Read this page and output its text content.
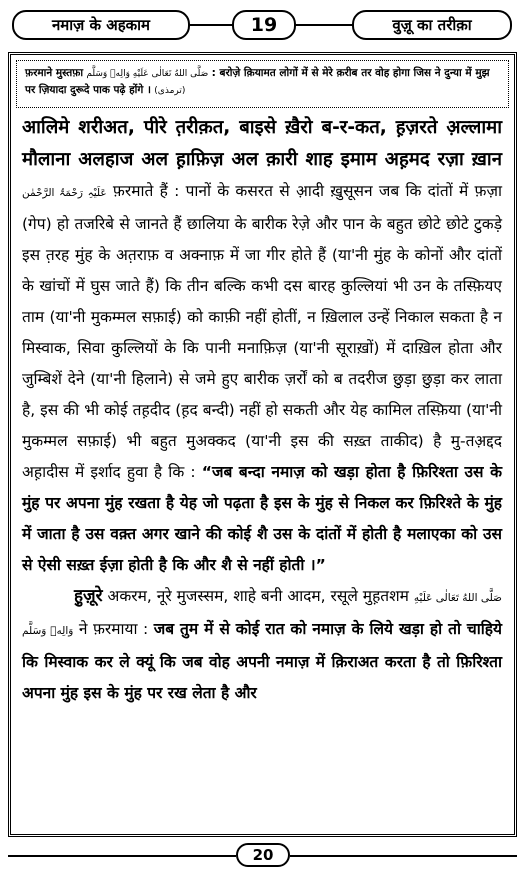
नमाज़ के अहकाम	19	वुज़ू का तरीक़ा
फ़रमाने मुस्तफ़ा صَلَّى اللهُ تَعَالٰى عَلَيْهِ وَالِهٖ وَسَلَّم : बरोज़े क़ियामत लोगों में से मेरे क़रीब तर वोह होगा जिस ने दुन्या में मुझ पर ज़ियादा दुरूदे पाक पढ़े होंगे । (ترمذی)

आलिमे शरीअत, पीरे त़रीक़त, बाइसे ख़ैरो ब-र-कत, ह़ज़रते अ़ल्लामा मौलाना अलहाज अल ह़ाफ़िज़ अल क़ारी शाह इमाम अह़मद रज़ा ख़ान عَلَیْہِ رَحْمَۃُ الرَّحْمٰن फ़रमाते हैं : पानों के कसरत से आ़दी ख़ुसूसन जब कि दांतों में फ़ज़ा (गेप) हो तजरिबे से जानते हैं छालिया के बारीक रेज़े और पान के बहुत छोटे छोटे टुकड़े इस त़रह मुंह के अत़राफ़ व अक्नाफ़ में जा गीर होते हैं (या'नी मुंह के कोनों और दांतों के खांचों में घुस जाते हैं) कि तीन बल्कि कभी दस बारह कुल्लियां भी उन के तस्फ़ियए ताम (या'नी मुकम्मल सफ़ाई) को काफ़ी नहीं होतीं, न ख़िलाल उन्हें निकाल सकता है न मिस्वाक, सिवा कुल्लियों के कि पानी मनाफ़िज़ (या'नी सूराख़ों) में दाख़िल होता और जुम्बिशें देने (या'नी हिलाने) से जमे हुए बारीक ज़र्रों को ब तदरीज छुड़ा छुड़ा कर लाता है, इस की भी कोई तह़दीद (ह़द बन्दी) नहीं हो सकती और येह कामिल तस्फ़िया (या'नी मुकम्मल सफ़ाई) भी बहुत मुअक्कद (या'नी इस की सख़्त ताकीद) है मु-तअ़द्दद अह़ादीस में इर्शाद हुवा है कि : “जब बन्दा नमाज़ को खड़ा होता है फ़िरिश्ता उस के मुंह पर अपना मुंह रखता है येह जो पढ़ता है इस के मुंह से निकल कर फ़िरिश्ते के मुंह में जाता है उस वक़्त अगर खाने की कोई शै उस के दांतों में होती है मलाएका को उस से ऐसी सख़्त ईज़ा होती है कि और शै से नहीं होती ।”

हु़ज़ूरे अकरम, नूरे मुजस्सम, शाहे बनी आदम, रसूले मुह़तशम صَلَّى اللهُ تَعَالٰى عَلَيْهِ وَالِهٖ وَسَلَّم ने फ़रमाया : जब तुम में से कोई रात को नमाज़ के लिये खड़ा हो तो चाहिये कि मिस्वाक कर ले क्यूं कि जब वोह अपनी नमाज़ में क़िराअत करता है तो फ़िरिश्ता अपना मुंह इस के मुंह पर रख लेता है और

20
